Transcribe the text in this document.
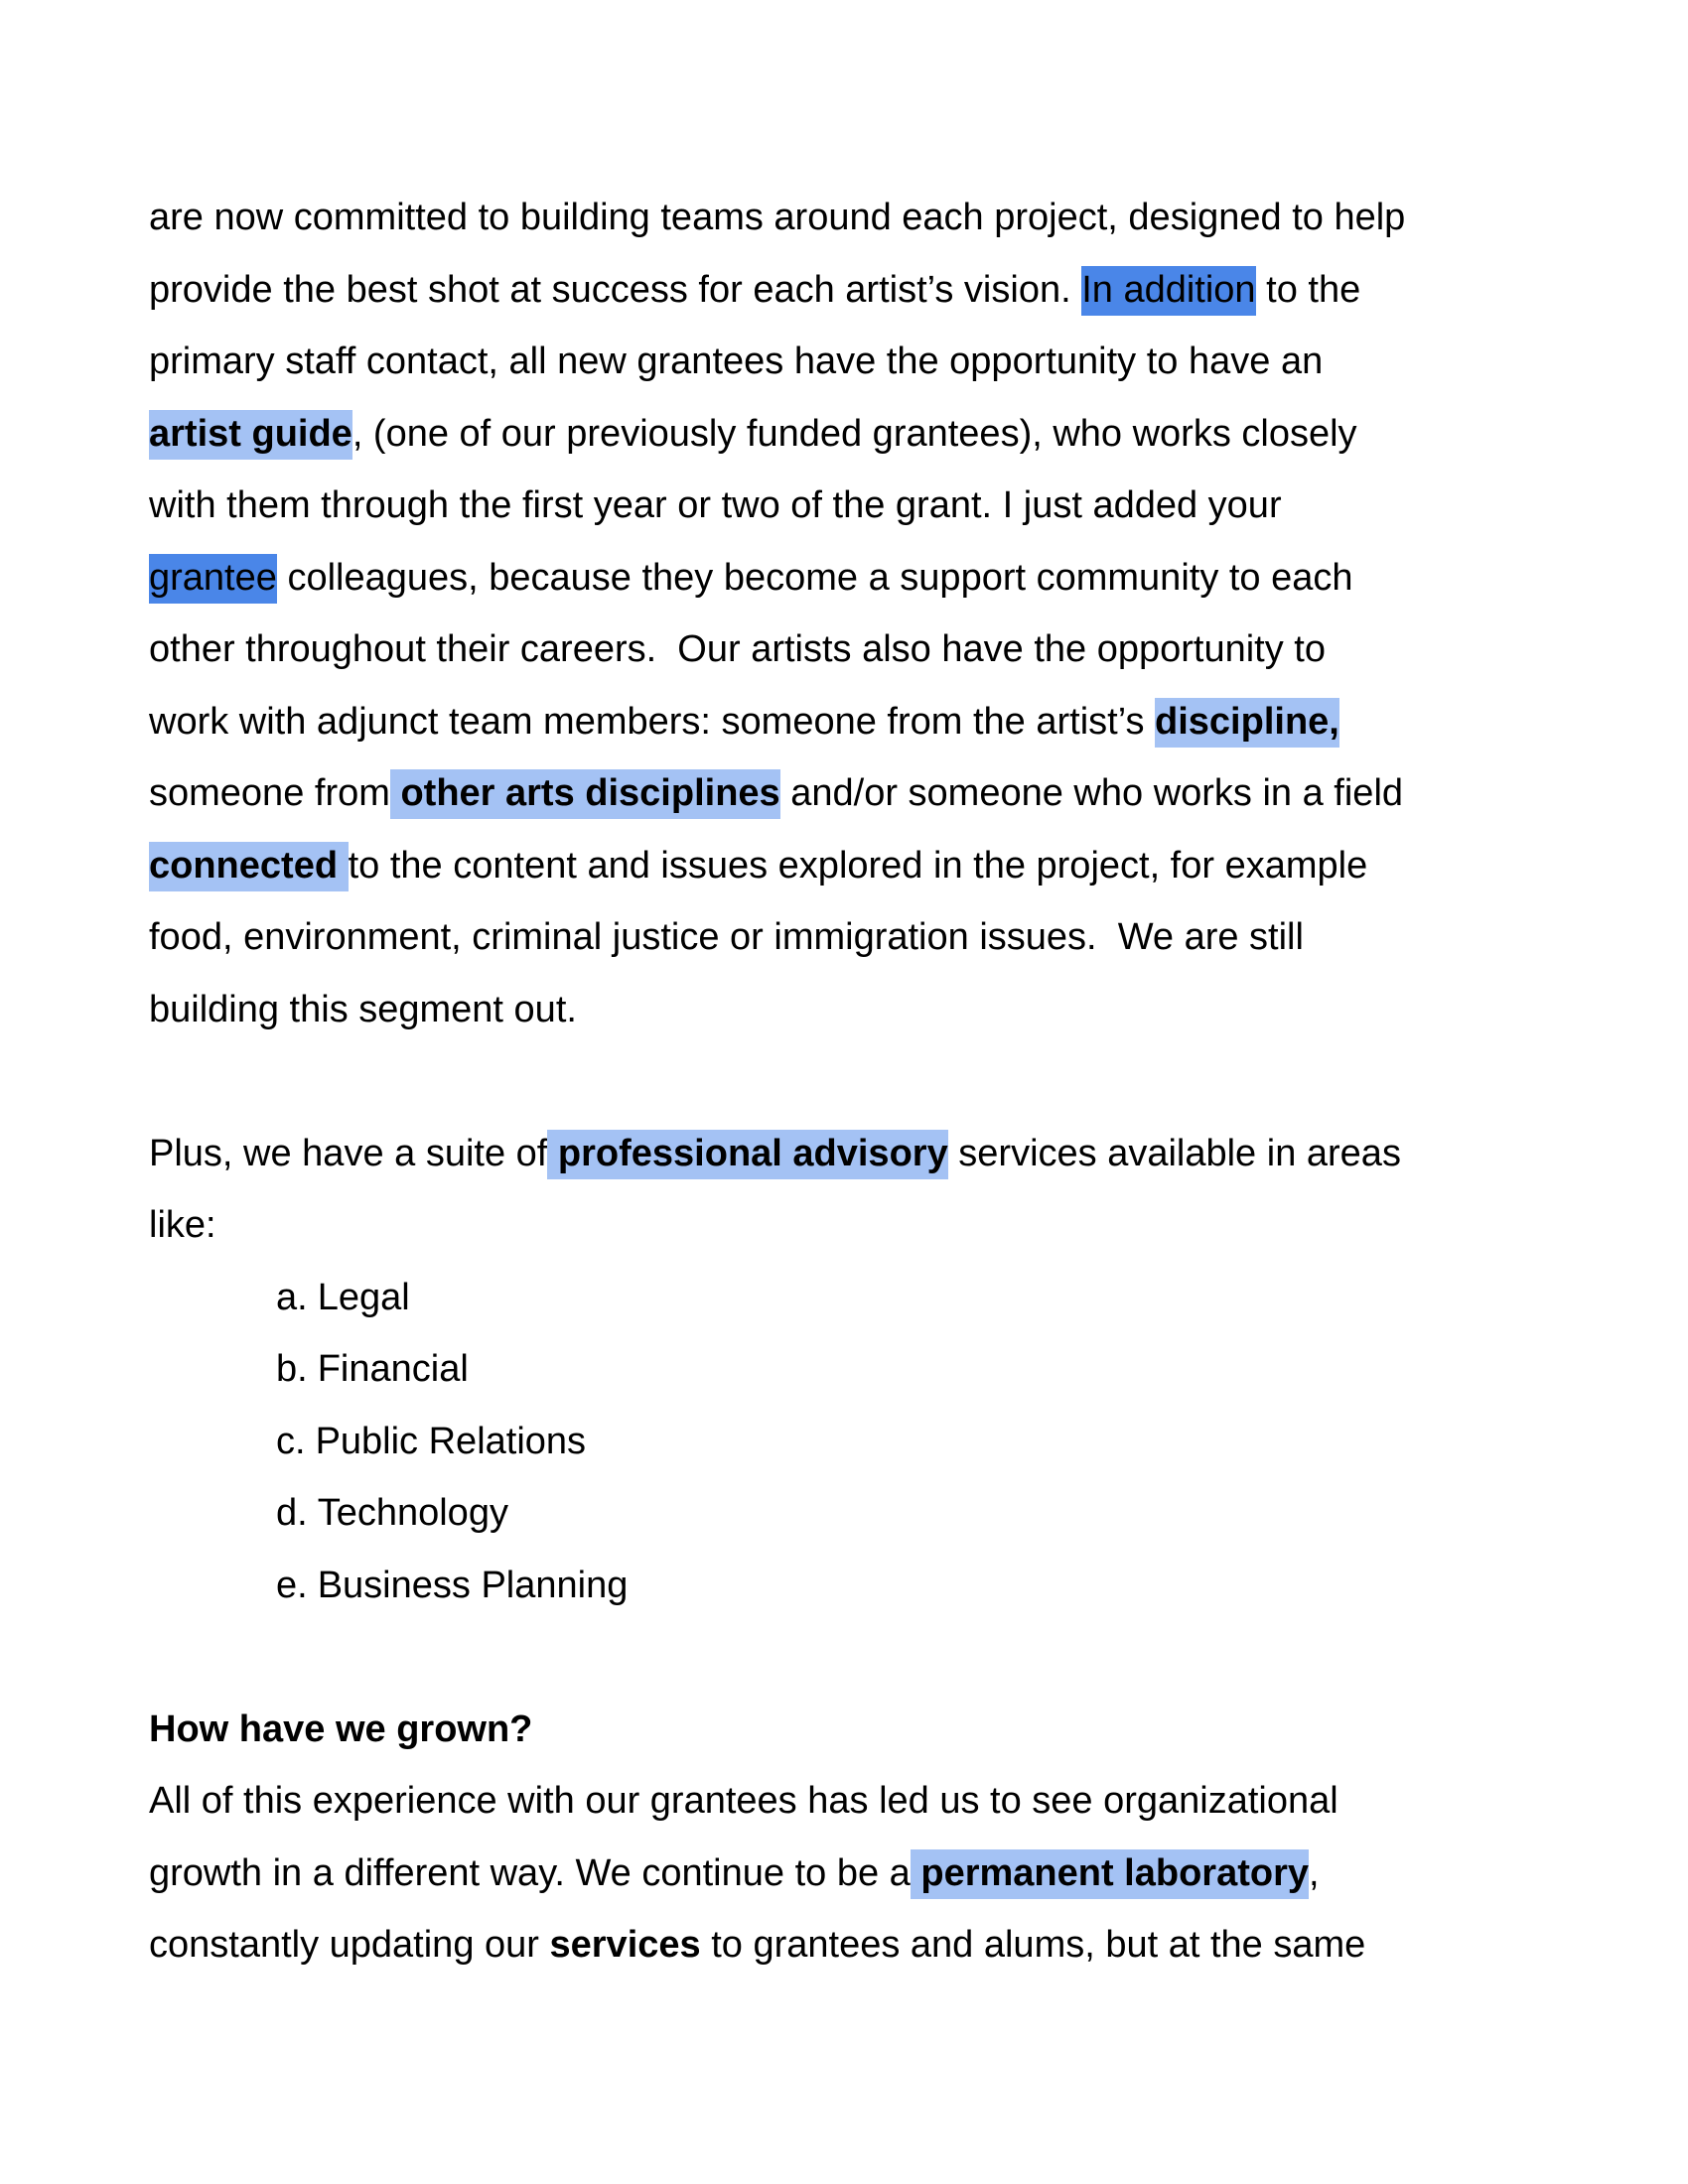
are now committed to building teams around each project, designed to help
provide the best shot at success for each artist’s vision. In addition to the
primary staff contact, all new grantees have the opportunity to have an
artist guide, (one of our previously funded grantees), who works closely
with them through the first year or two of the grant. I just added your
grantee colleagues, because they become a support community to each
other throughout their careers.  Our artists also have the opportunity to
work with adjunct team members: someone from the artist’s discipline,
someone from other arts disciplines and/or someone who works in a field
connected to the content and issues explored in the project, for example
food, environment, criminal justice or immigration issues.  We are still
building this segment out.
Plus, we have a suite of professional advisory services available in areas
like:
a. Legal
b. Financial
c. Public Relations
d. Technology
e. Business Planning
How have we grown?
All of this experience with our grantees has led us to see organizational
growth in a different way. We continue to be a permanent laboratory,
constantly updating our services to grantees and alums, but at the same
